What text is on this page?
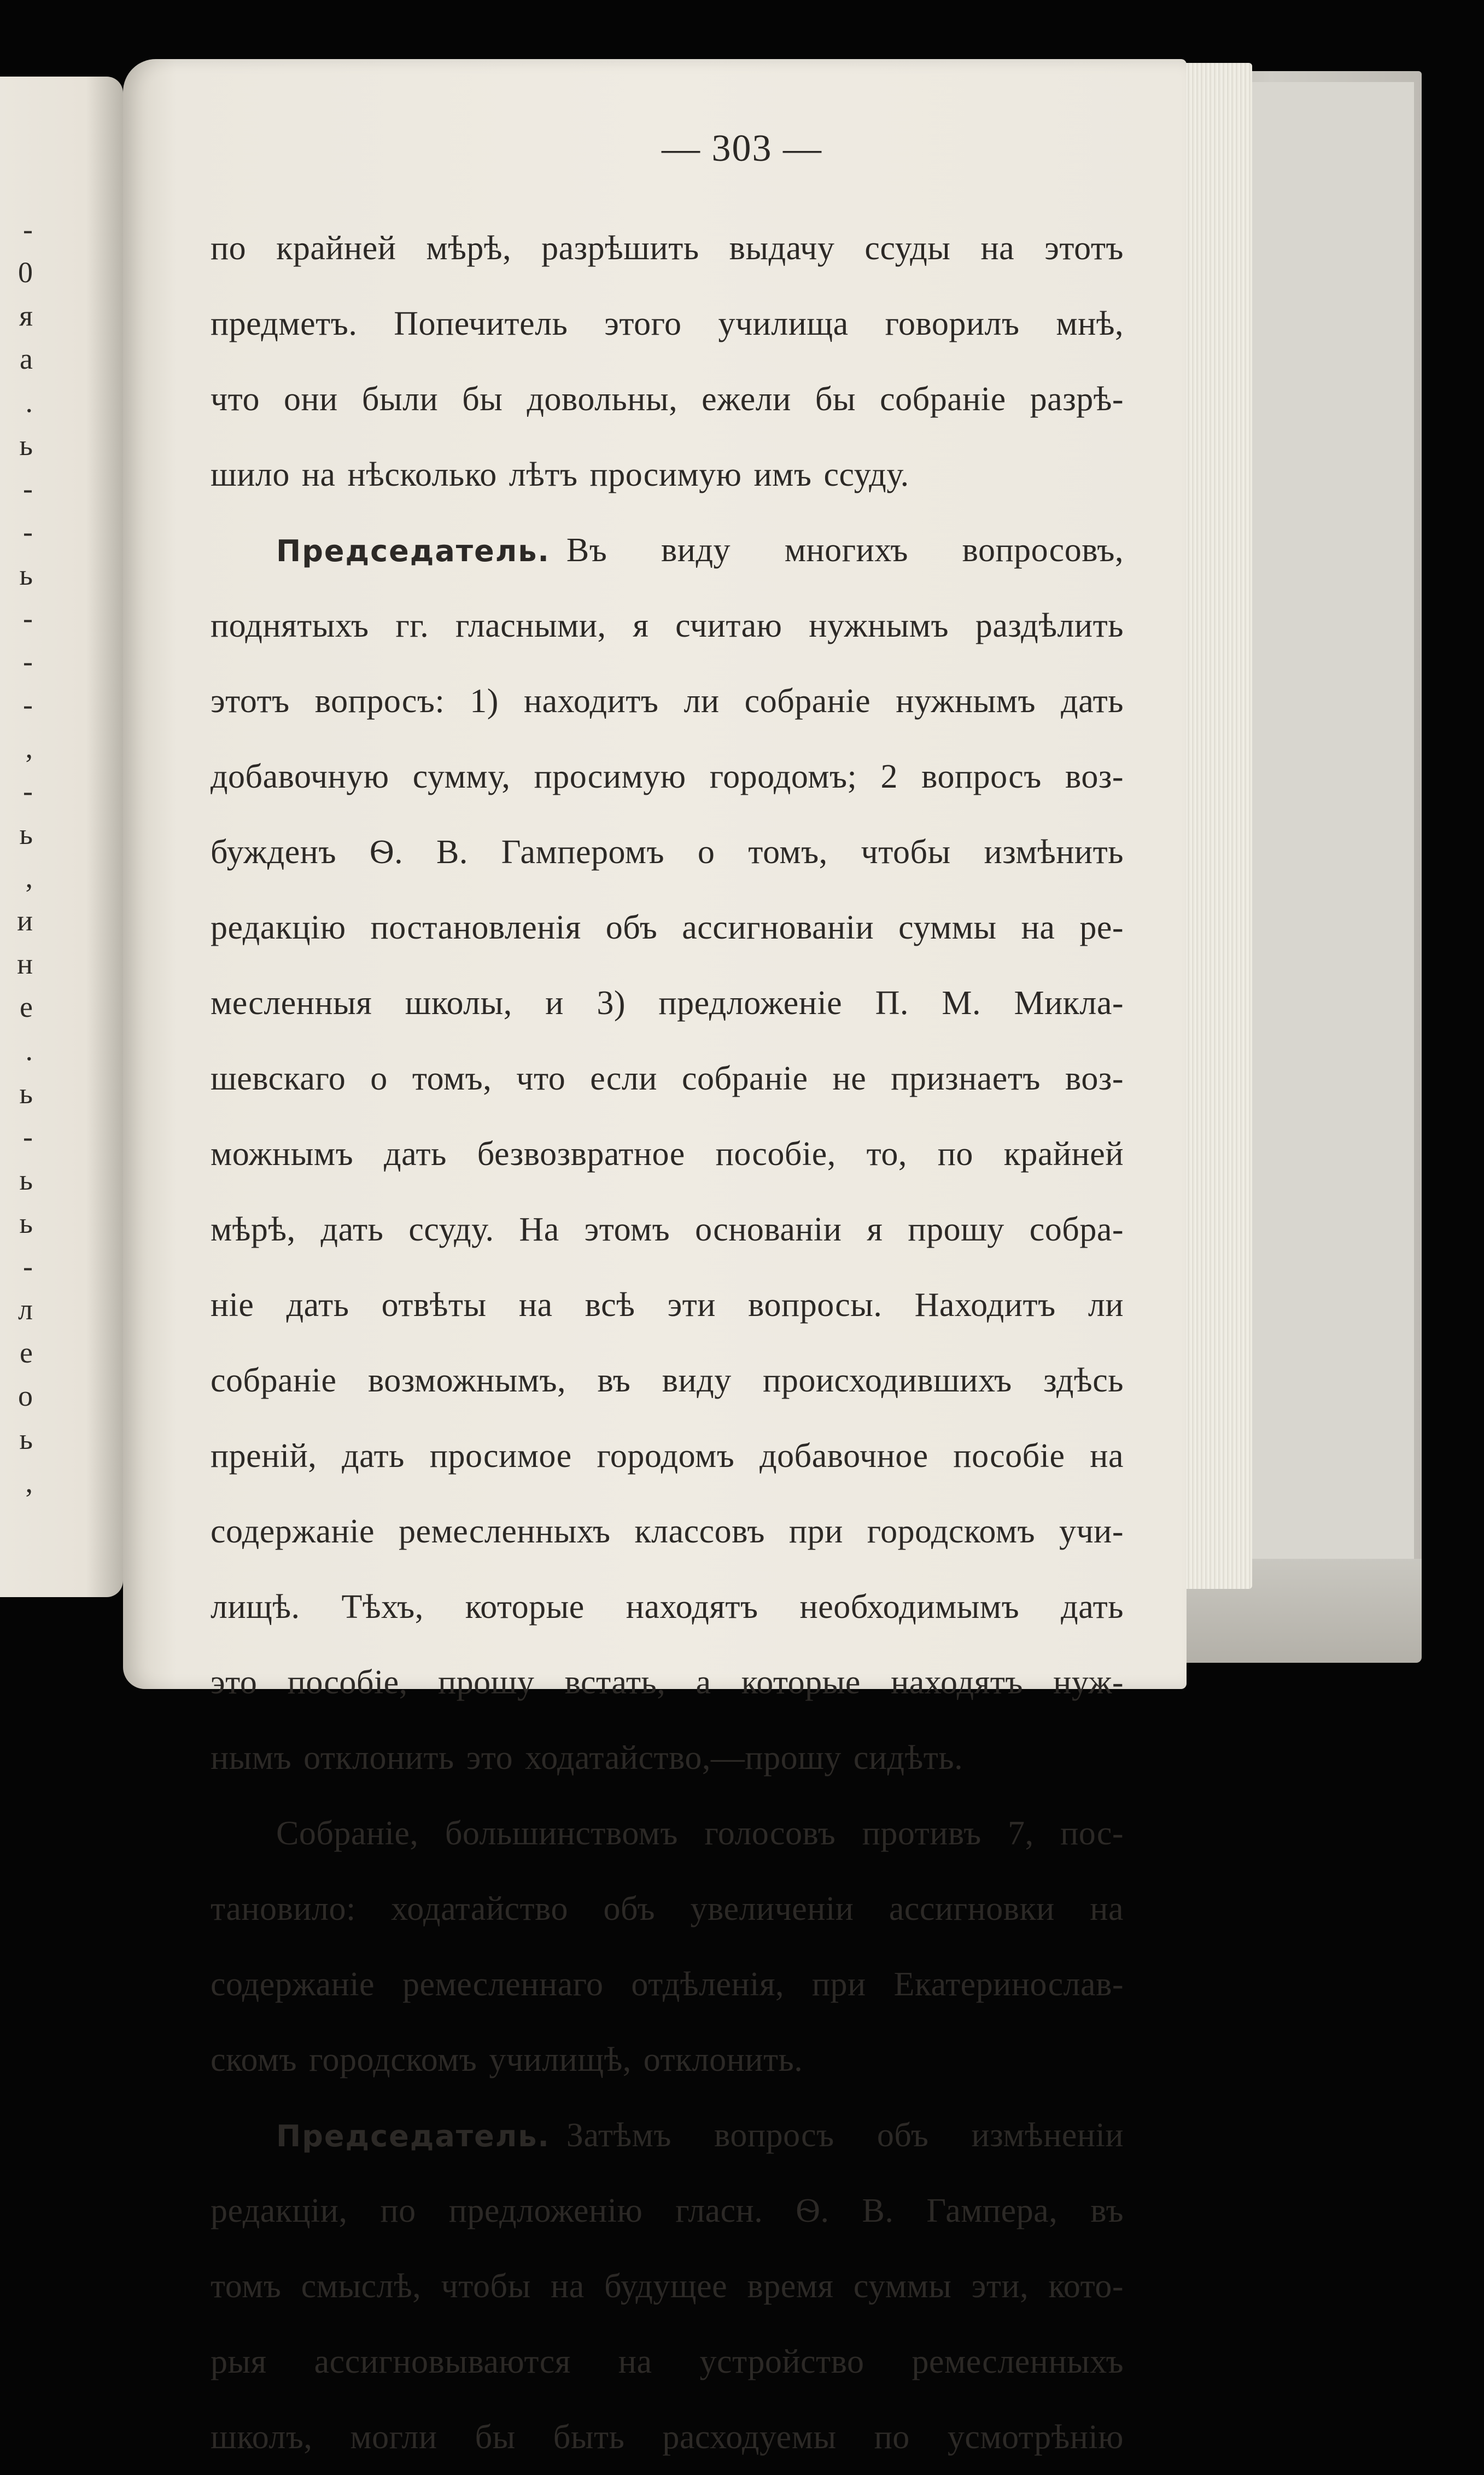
-
0
я
а
.
ь
-
-
ь
-
-
-
,
-
ь
,
и
н
е
.
ь
-
ь
ь
-
л
е
о
ь
,
— 303 —
по крайней мѣрѣ, разрѣшить выдачу ссуды на этотъ
предметъ. Попечитель этого училища говорилъ мнѣ,
что они были бы довольны, ежели бы собраніе разрѣ-
шило на нѣсколько лѣтъ просимую имъ ссуду.
Председатель. Въ виду многихъ вопросовъ,
поднятыхъ гг. гласными, я считаю нужнымъ раздѣлить
этотъ вопросъ: 1) находитъ ли собраніе нужнымъ дать
добавочную сумму, просимую городомъ; 2 вопросъ воз-
бужденъ Ѳ. В. Гамперомъ о томъ, чтобы измѣнить
редакцію постановленія объ ассигнованіи суммы на ре-
месленныя школы, и 3) предложеніе П. М. Микла-
шевскаго о томъ, что если собраніе не признаетъ воз-
можнымъ дать безвозвратное пособіе, то, по крайней
мѣрѣ, дать ссуду. На этомъ основаніи я прошу собра-
ніе дать отвѣты на всѣ эти вопросы. Находитъ ли
собраніе возможнымъ, въ виду происходившихъ здѣсь
преній, дать просимое городомъ добавочное пособіе на
содержаніе ремесленныхъ классовъ при городскомъ учи-
лищѣ. Тѣхъ, которые находятъ необходимымъ дать
это пособіе, прошу встать, а которые находятъ нуж-
нымъ отклонить это ходатайство,—прошу сидѣть.
Собраніе, большинствомъ голосовъ противъ 7, пос-
тановило: ходатайство объ увеличеніи ассигновки на
содержаніе ремесленнаго отдѣленія, при Екатеринослав-
скомъ городскомъ училищѣ, отклонить.
Председатель. Затѣмъ вопросъ объ измѣненіи
редакціи, по предложенію гласн. Ѳ. В. Гампера, въ
томъ смыслѣ, чтобы на будущее время суммы эти, кото-
рыя ассигновываются на устройство ремесленныхъ
школъ, могли бы быть расходуемы по усмотрѣнію
